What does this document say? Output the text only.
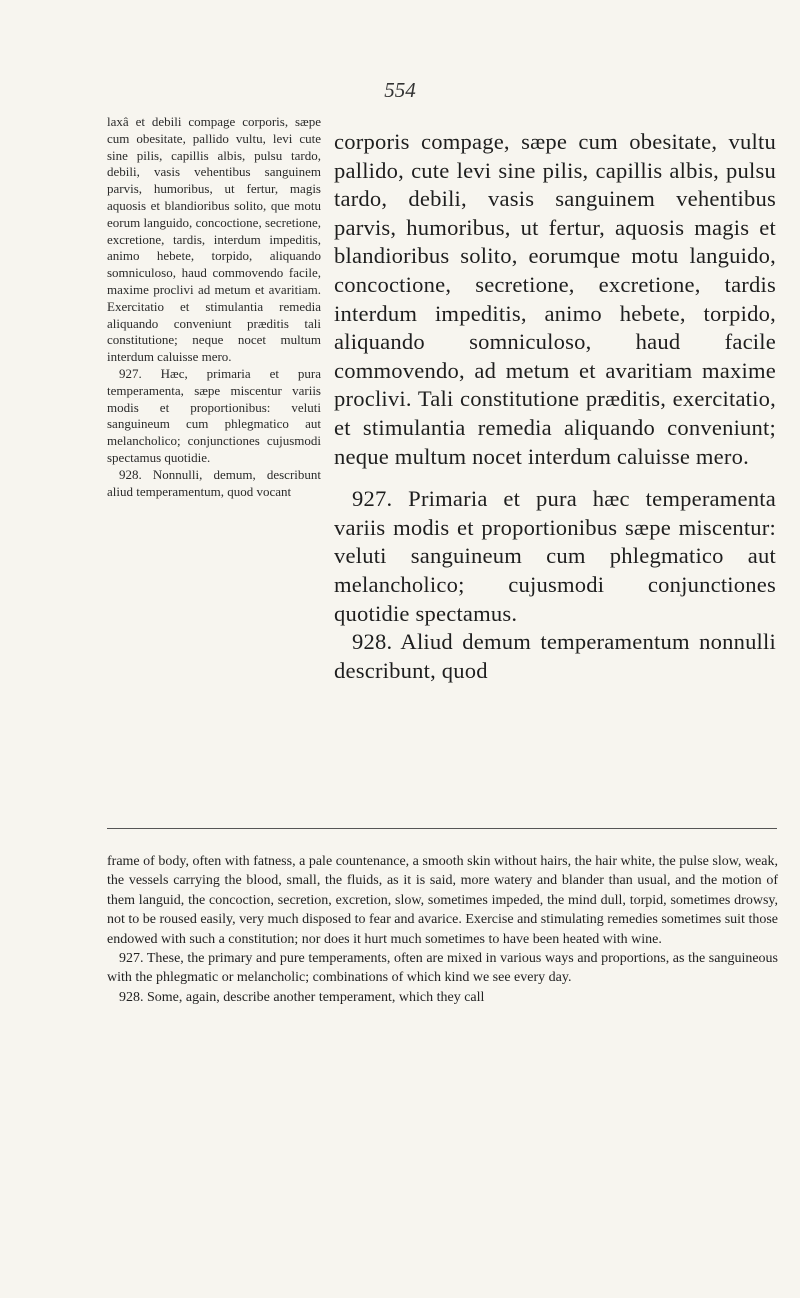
554

laxâ et debili compage corporis, sæpe cum obesitate, pallido vultu, levi cute sine pilis, capillis albis, pulsu tardo, debili, vasis vehentibus sanguinem parvis, humoribus, ut fertur, magis aquosis et blandioribus solito, que motu eorum languido, concoctione, secretione, excretione, tardis, interdum impeditis, animo hebete, torpido, aliquando somniculoso, haud commovendo facile, maxime proclivi ad metum et avaritiam. Exercitatio et stimulantia remedia aliquando conveniunt præditis tali constitutione; neque nocet multum interdum caluisse mero.

927. Hæc, primaria et pura temperamenta, sæpe miscentur variis modis et proportionibus: veluti sanguineum cum phlegmatico aut melancholico; conjunctiones cujusmodi spectamus quotidie.

928. Nonnulli, demum, describunt aliud temperamentum, quod vocant

corporis compage, sæpe cum obesitate, vultu pallido, cute levi sine pilis, capillis albis, pulsu tardo, debili, vasis sanguinem vehentibus parvis, humoribus, ut fertur, aquosis magis et blandioribus solito, eorumque motu languido, concoctione, secretione, excretione, tardis interdum impeditis, animo hebete, torpido, aliquando somniculoso, haud facile commovendo, ad metum et avaritiam maxime proclivi. Tali constitutione præditis, exercitatio, et stimulantia remedia aliquando conveniunt; neque multum nocet interdum caluisse mero.

927. Primaria et pura hæc temperamenta variis modis et proportionibus sæpe miscentur: veluti sanguineum cum phlegmatico aut melancholico; cujusmodi conjunctiones quotidie spectamus.

928. Aliud demum temperamentum nonnulli describunt, quod

frame of body, often with fatness, a pale countenance, a smooth skin without hairs, the hair white, the pulse slow, weak, the vessels carrying the blood, small, the fluids, as it is said, more watery and blander than usual, and the motion of them languid, the concoction, secretion, excretion, slow, sometimes impeded, the mind dull, torpid, sometimes drowsy, not to be roused easily, very much disposed to fear and avarice. Exercise and stimulating remedies sometimes suit those endowed with such a constitution; nor does it hurt much sometimes to have been heated with wine.

927. These, the primary and pure temperaments, often are mixed in various ways and proportions, as the sanguineous with the phlegmatic or melancholic; combinations of which kind we see every day.

928. Some, again, describe another temperament, which they call
